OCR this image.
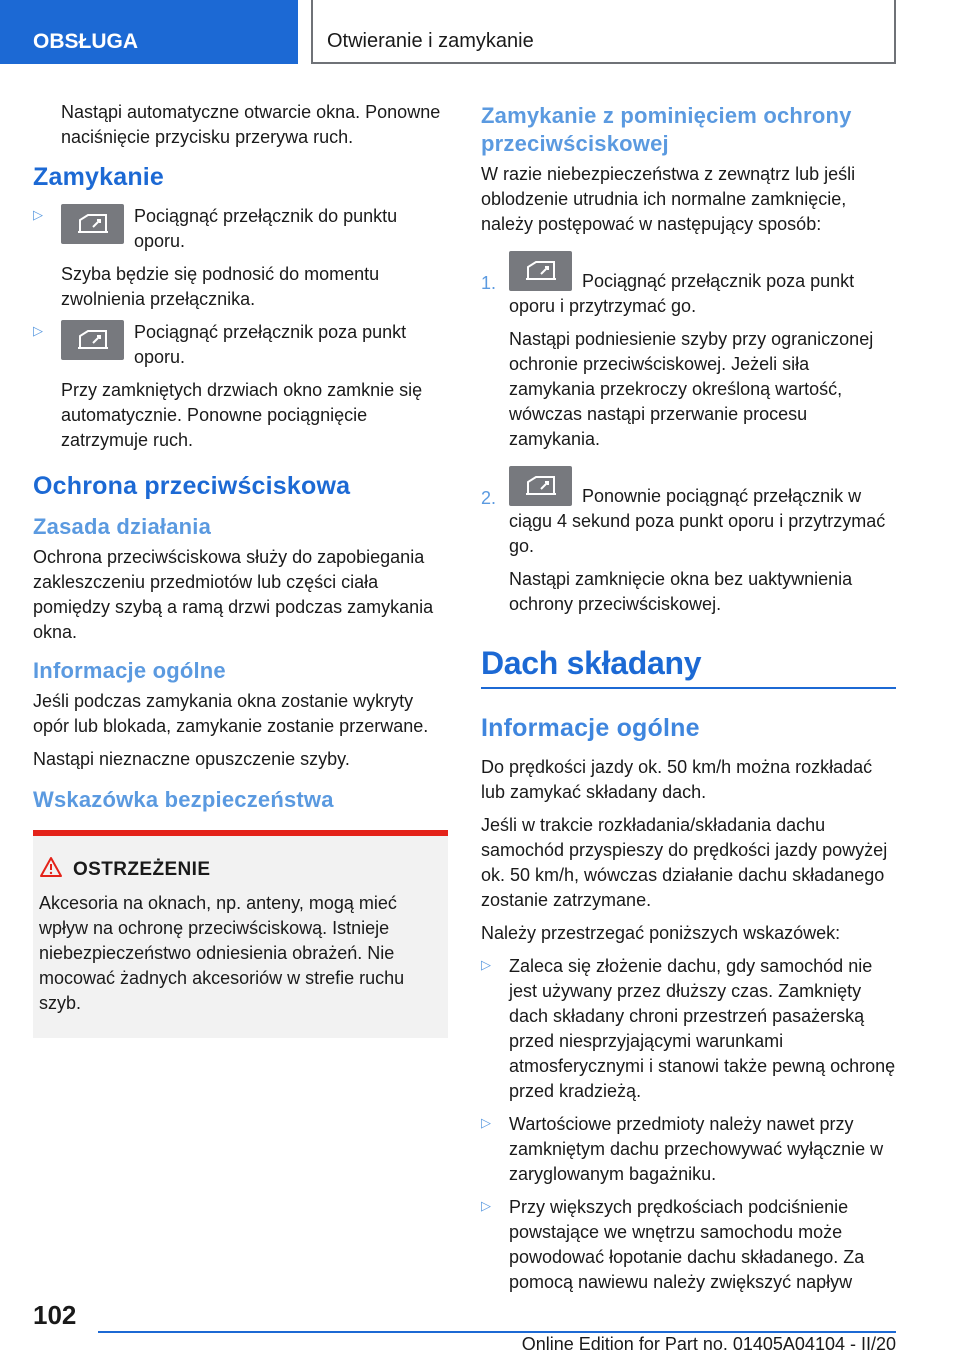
OBSŁUGA	Otwieranie i zamykanie

Nastąpi automatyczne otwarcie okna. Ponowne naciśnięcie przycisku przerywa ruch.

Zamykanie
▷	Pociągnąć przełącznik do punktu oporu.

Szyba będzie się podnosić do momentu zwolnienia przełącznika.

▷	Pociągnąć przełącznik poza punkt oporu.

Przy zamkniętych drzwiach okno zamknie się automatycznie. Ponowne pociągnięcie zatrzymuje ruch.

Ochrona przeciwściskowa
Zasada działania

Ochrona przeciwściskowa służy do zapobiegania zakleszczeniu przedmiotów lub części ciała pomiędzy szybą a ramą drzwi podczas zamykania okna.

Informacje ogólne

Jeśli podczas zamykania okna zostanie wykryty opór lub blokada, zamykanie zostanie przerwane.

Nastąpi nieznaczne opuszczenie szyby.

Wskazówka bezpieczeństwa
OSTRZEŻENIE

Akcesoria na oknach, np. anteny, mogą mieć wpływ na ochronę przeciwściskową. Istnieje niebezpieczeństwo odniesienia obrażeń. Nie mocować żadnych akcesoriów w strefie ruchu szyb.

Zamykanie z pominięciem ochrony przeciwściskowej

W razie niebezpieczeństwa z zewnątrz lub jeśli oblodzenie utrudnia ich normalne zamknięcie, należy postępować w następujący sposób:

1.	Pociągnąć przełącznik poza punkt oporu i przytrzymać go.

Nastąpi podniesienie szyby przy ograniczonej ochronie przeciwściskowej. Jeżeli siła zamykania przekroczy określoną wartość, wówczas nastąpi przerwanie procesu zamykania.

2.	Ponownie pociągnąć przełącznik w ciągu 4 sekund poza punkt oporu i przytrzymać go.

Nastąpi zamknięcie okna bez uaktywnienia ochrony przeciwściskowej.

Dach składany
Informacje ogólne

Do prędkości jazdy ok. 50 km/h można rozkładać lub zamykać składany dach.

Jeśli w trakcie rozkładania/składania dachu samochód przyspieszy do prędkości jazdy powyżej ok. 50 km/h, wówczas działanie dachu składanego zostanie zatrzymane.

Należy przestrzegać poniższych wskazówek:

▷ Zaleca się złożenie dachu, gdy samochód nie jest używany przez dłuższy czas. Zamknięty dach składany chroni przestrzeń pasażerską przed niesprzyjającymi warunkami atmosferycznymi i stanowi także pewną ochronę przed kradzieżą.

▷ Wartościowe przedmioty należy nawet przy zamkniętym dachu przechowywać wyłącznie w zaryglowanym bagażniku.

▷ Przy większych prędkościach podciśnienie powstające we wnętrzu samochodu może powodować łopotanie dachu składanego. Za pomocą nawiewu należy zwiększyć napływ

102
Online Edition for Part no. 01405A04104 - II/20
